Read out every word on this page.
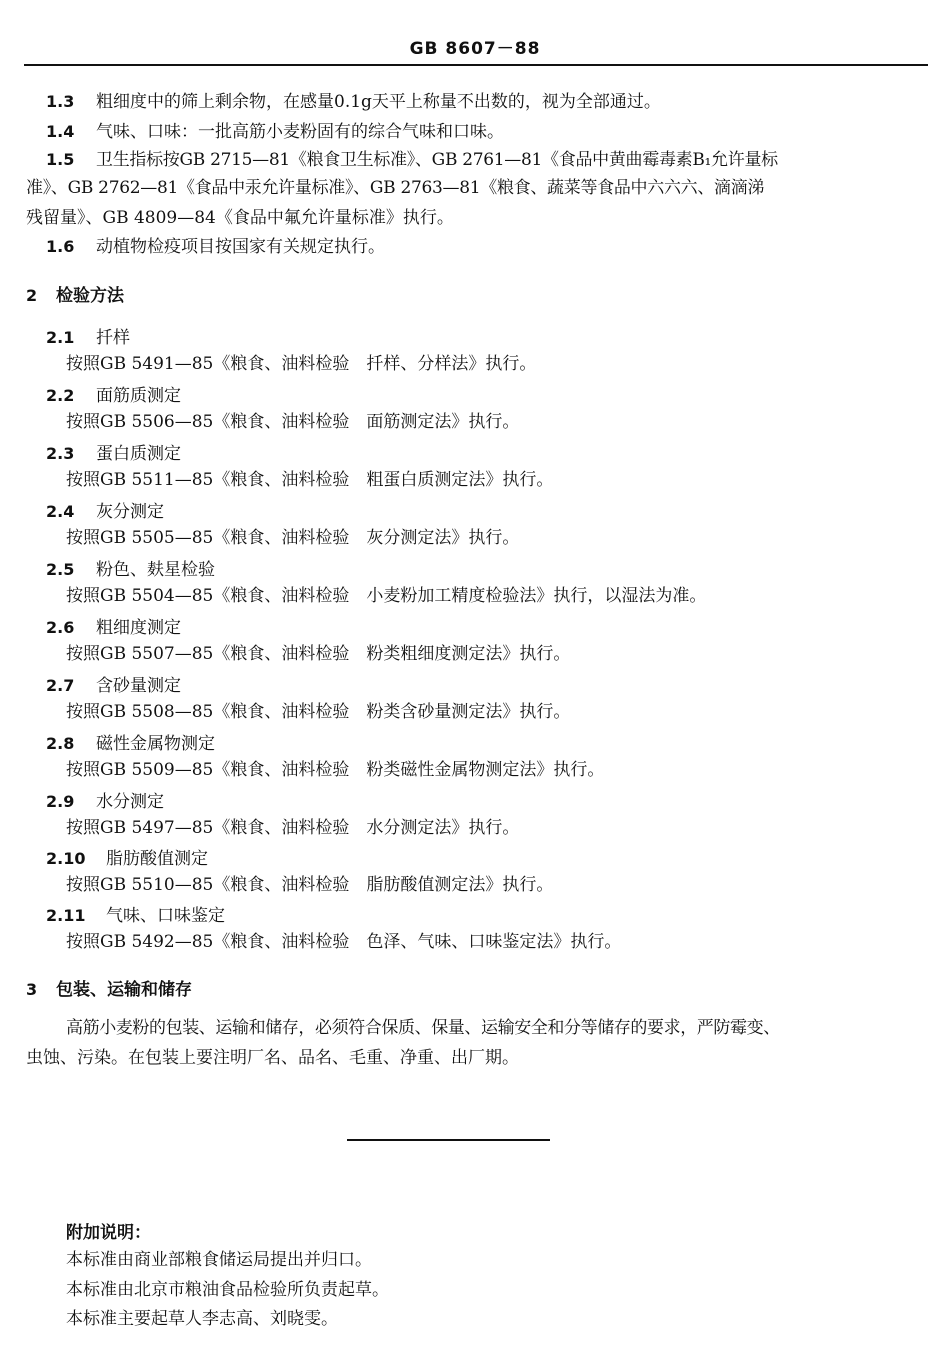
GB 8607－88
1.3 粗细度中的筛上剩余物，在感量0.1g天平上称量不出数的，视为全部通过。
1.4 气味、口味：一批高筋小麦粉固有的综合气味和口味。
1.5 卫生指标按GB 2715—81《粮食卫生标准》、GB 2761—81《食品中黄曲霉毒素B₁允许量标
准》、GB 2762—81《食品中汞允许量标准》、GB 2763—81《粮食、蔬菜等食品中六六六、滴滴涕
残留量》、GB 4809—84《食品中氟允许量标准》执行。
1.6 动植物检疫项目按国家有关规定执行。
2 检验方法
2.1 扦样
按照GB 5491—85《粮食、油料检验　扦样、分样法》执行。
2.2 面筋质测定
按照GB 5506—85《粮食、油料检验　面筋测定法》执行。
2.3 蛋白质测定
按照GB 5511—85《粮食、油料检验　粗蛋白质测定法》执行。
2.4 灰分测定
按照GB 5505—85《粮食、油料检验　灰分测定法》执行。
2.5 粉色、麸星检验
按照GB 5504—85《粮食、油料检验　小麦粉加工精度检验法》执行，以湿法为准。
2.6 粗细度测定
按照GB 5507—85《粮食、油料检验　粉类粗细度测定法》执行。
2.7 含砂量测定
按照GB 5508—85《粮食、油料检验　粉类含砂量测定法》执行。
2.8 磁性金属物测定
按照GB 5509—85《粮食、油料检验　粉类磁性金属物测定法》执行。
2.9 水分测定
按照GB 5497—85《粮食、油料检验　水分测定法》执行。
2.10 脂肪酸值测定
按照GB 5510—85《粮食、油料检验　脂肪酸值测定法》执行。
2.11 气味、口味鉴定
按照GB 5492—85《粮食、油料检验　色泽、气味、口味鉴定法》执行。
3 包装、运输和储存
高筋小麦粉的包装、运输和储存，必须符合保质、保量、运输安全和分等储存的要求，严防霉变、
虫蚀、污染。在包装上要注明厂名、品名、毛重、净重、出厂期。
附加说明：
本标准由商业部粮食储运局提出并归口。
本标准由北京市粮油食品检验所负责起草。
本标准主要起草人李志高、刘晓雯。
